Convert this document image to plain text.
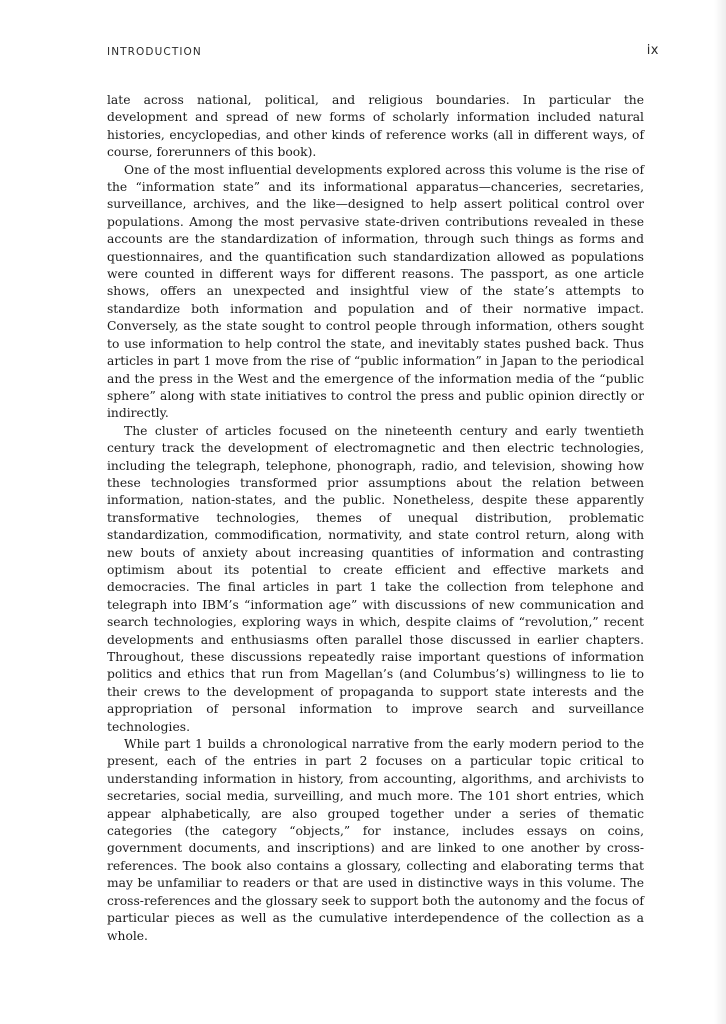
INTRODUCTION	ix

late across national, political, and religious boundaries. In particular the development and spread of new forms of scholarly information included natural histories, encyclopedias, and other kinds of reference works (all in different ways, of course, forerunners of this book).

One of the most influential developments explored across this volume is the rise of the “information state” and its informational apparatus—chanceries, secretaries, surveillance, archives, and the like—designed to help assert political control over populations. Among the most pervasive state-driven contributions revealed in these accounts are the standardization of information, through such things as forms and questionnaires, and the quantification such standardization allowed as populations were counted in different ways for different reasons. The passport, as one article shows, offers an unexpected and insightful view of the state’s attempts to standardize both information and population and of their normative impact. Conversely, as the state sought to control people through information, others sought to use information to help control the state, and inevitably states pushed back. Thus articles in part 1 move from the rise of “public information” in Japan to the periodical and the press in the West and the emergence of the information media of the “public sphere” along with state initiatives to control the press and public opinion directly or indirectly.

The cluster of articles focused on the nineteenth century and early twentieth century track the development of electromagnetic and then electric technologies, including the telegraph, telephone, phonograph, radio, and television, showing how these technologies transformed prior assumptions about the relation between information, nation-states, and the public. Nonetheless, despite these apparently transformative technologies, themes of unequal distribution, problematic standardization, commodification, normativity, and state control return, along with new bouts of anxiety about increasing quantities of information and contrasting optimism about its potential to create efficient and effective markets and democracies. The final articles in part 1 take the collection from telephone and telegraph into IBM’s “information age” with discussions of new communication and search technologies, exploring ways in which, despite claims of “revolution,” recent developments and enthusiasms often parallel those discussed in earlier chapters. Throughout, these discussions repeatedly raise important questions of information politics and ethics that run from Magellan’s (and Columbus’s) willingness to lie to their crews to the development of propaganda to support state interests and the appropriation of personal information to improve search and surveillance technologies.

While part 1 builds a chronological narrative from the early modern period to the present, each of the entries in part 2 focuses on a particular topic critical to understanding information in history, from accounting, algorithms, and archivists to secretaries, social media, surveilling, and much more. The 101 short entries, which appear alphabetically, are also grouped together under a series of thematic categories (the category “objects,” for instance, includes essays on coins, government documents, and inscriptions) and are linked to one another by cross-references. The book also contains a glossary, collecting and elaborating terms that may be unfamiliar to readers or that are used in distinctive ways in this volume. The cross-references and the glossary seek to support both the autonomy and the focus of particular pieces as well as the cumulative interdependence of the collection as a whole.
